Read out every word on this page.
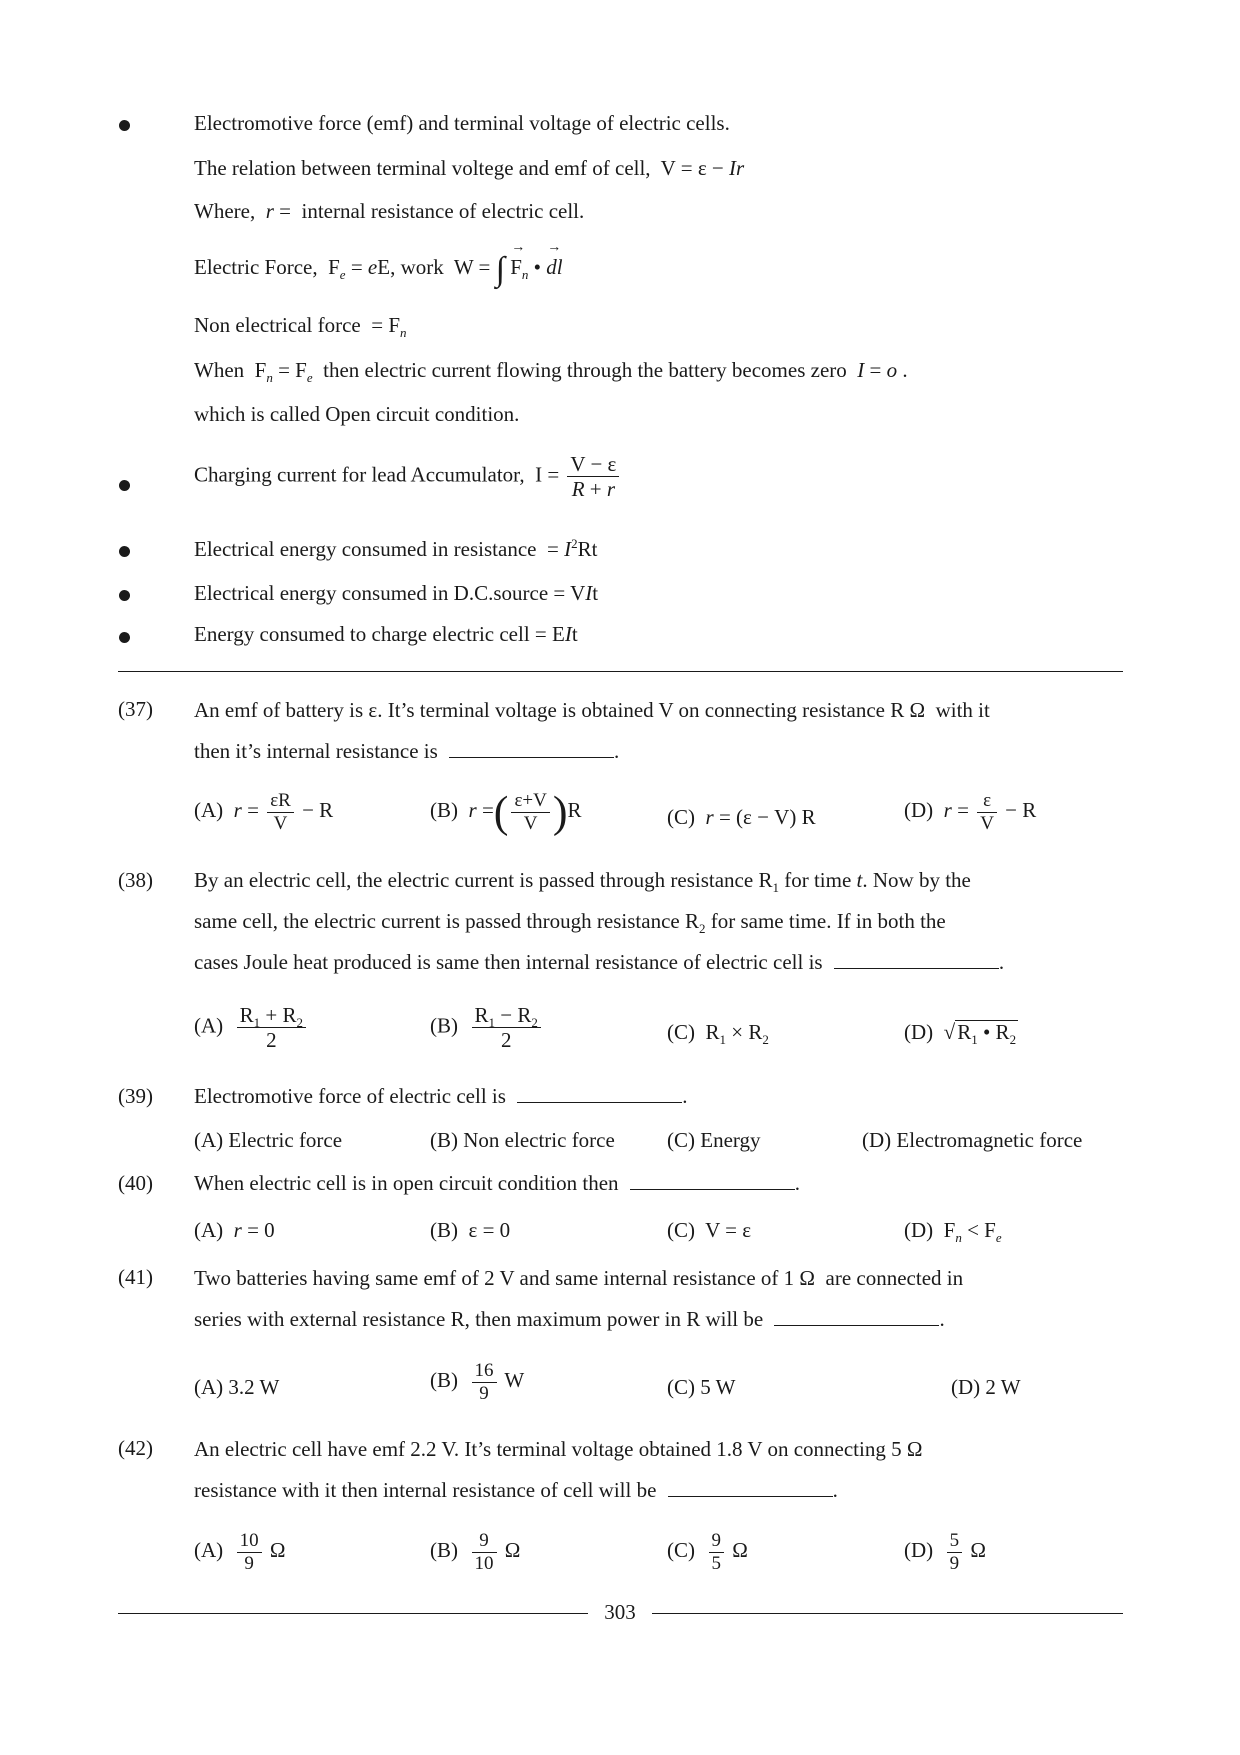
Electromotive force (emf) and terminal voltage of electric cells.
The relation between terminal voltege and emf of cell,  V = ε − Ir
Where, r =  internal resistance of electric cell.
Electric Force,  $F_e$ = eE, work  W = ∫ → $F_n$ • → dl
Non electrical force  = $F_n$
When  $F_n = F_e$ then electric current flowing through the battery becomes zero I = o .
which is called Open circuit condition.
Charging current for lead Accumulator,  $I = \frac{V - \varepsilon}{R + r}$
Electrical energy consumed in resistance  = $I^2Rt$
Electrical energy consumed in D.C.source = VIt
Energy consumed to charge electric cell = EIt
(37) An emf of battery is ε. It’s terminal voltage is obtained V on connecting resistance R Ω  with it
then it’s internal resistance is	.
(A) $r = \frac{\varepsilon R}{V} - R$	(B) r =( $\frac{\varepsilon+V}{V} )R$	(C) r = (ε − V) R	(D) $r = \frac{\varepsilon}{V} - R$
(38) By an electric cell, the electric current is passed through resistance $R_1$ for time t. Now by the
same cell, the electric current is passed through resistance $R_2$ for same time. If in both the
cases Joule heat produced is same then internal resistance of electric cell is	.
$(A) \frac{R_1 + R_2}{2}$	$(B) \frac{R_1 - R_2}{2}$	(C)  $R_1 \times R_2$	(D)  $√R_1$ • $R_2$
(39) Electromotive force of electric cell is	.
(A) Electric force	(B) Non electric force (C) Energy	(D) Electromagnetic force
(40) When electric cell is in open circuit condition then	.
(A) r = 0	(B)  ε = 0	(C)  V = ε	(D)  $F_n < F_e$
(41) Two batteries having same emf of 2 V and same internal resistance of 1 Ω  are connected in
series with external resistance R, then maximum power in R will be	.
(A) 3.2 W	$(B) \frac{16}{9}$ W	(C) 5 W	(D) 2 W
(42) An electric cell have emf 2.2 V. It’s terminal voltage obtained 1.8 V on connecting 5 Ω
resistance with it then internal resistance of cell will be	.
$(A) \frac{10}{9}$ Ω	$(B) \frac{9}{10}$ Ω	$(C) \frac{9}{5}$ Ω	$(D) \frac{5}{9}$ Ω
303
